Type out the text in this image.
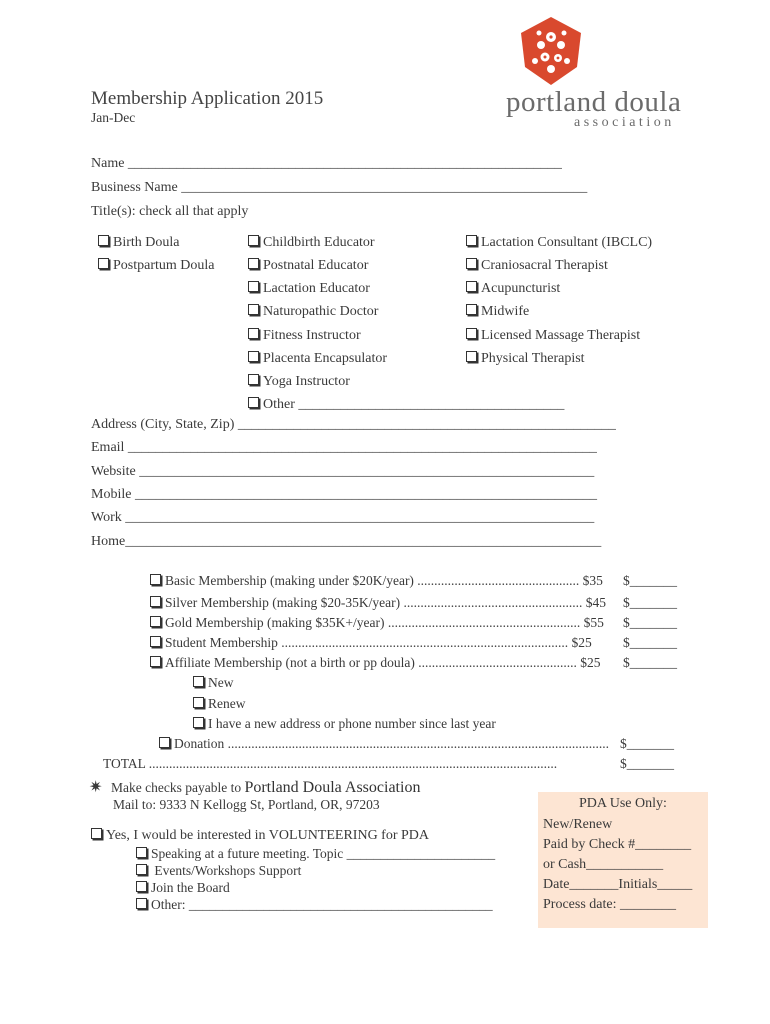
portland doula
association
Membership Application 2015
Jan-Dec
Name ______________________________________________________________
Business Name __________________________________________________________
Title(s): check all that apply
Birth Doula
Postpartum Doula
Childbirth Educator
Postnatal Educator
Lactation Educator
Naturopathic Doctor
Fitness Instructor
Placenta Encapsulator
Yoga Instructor
Other ______________________________________
Lactation Consultant (IBCLC)
Craniosacral Therapist
Acupuncturist
Midwife
Licensed Massage Therapist
Physical Therapist
Address (City, State, Zip) ______________________________________________________
Email ___________________________________________________________________
Website _________________________________________________________________
Mobile __________________________________________________________________
Work ___________________________________________________________________
Home____________________________________________________________________
Basic Membership (making under $20K/year) ................................................ $35 $_______
Silver Membership (making $20-35K/year) ..................................................... $45 $_______
Gold Membership (making $35K+/year) ......................................................... $55 $_______
Student Membership ..................................................................................... $25 $_______
Affiliate Membership (not a birth or pp doula) ............................................... $25 $_______
New
Renew
I have a new address or phone number since last year
Donation ................................................................................................................. $_______
TOTAL .........................................................................................................................	$_______
✷ Make checks payable to Portland Doula Association
Mail to: 9333 N Kellogg St, Portland, OR, 97203
Yes, I would be interested in VOLUNTEERING for PDA
Speaking at a future meeting. Topic ______________________
Events/Workshops Support
Join the Board
Other: _____________________________________________
PDA Use Only:
New/Renew
Paid by Check #________
or Cash___________
Date_______Initials_____
Process date: ________
